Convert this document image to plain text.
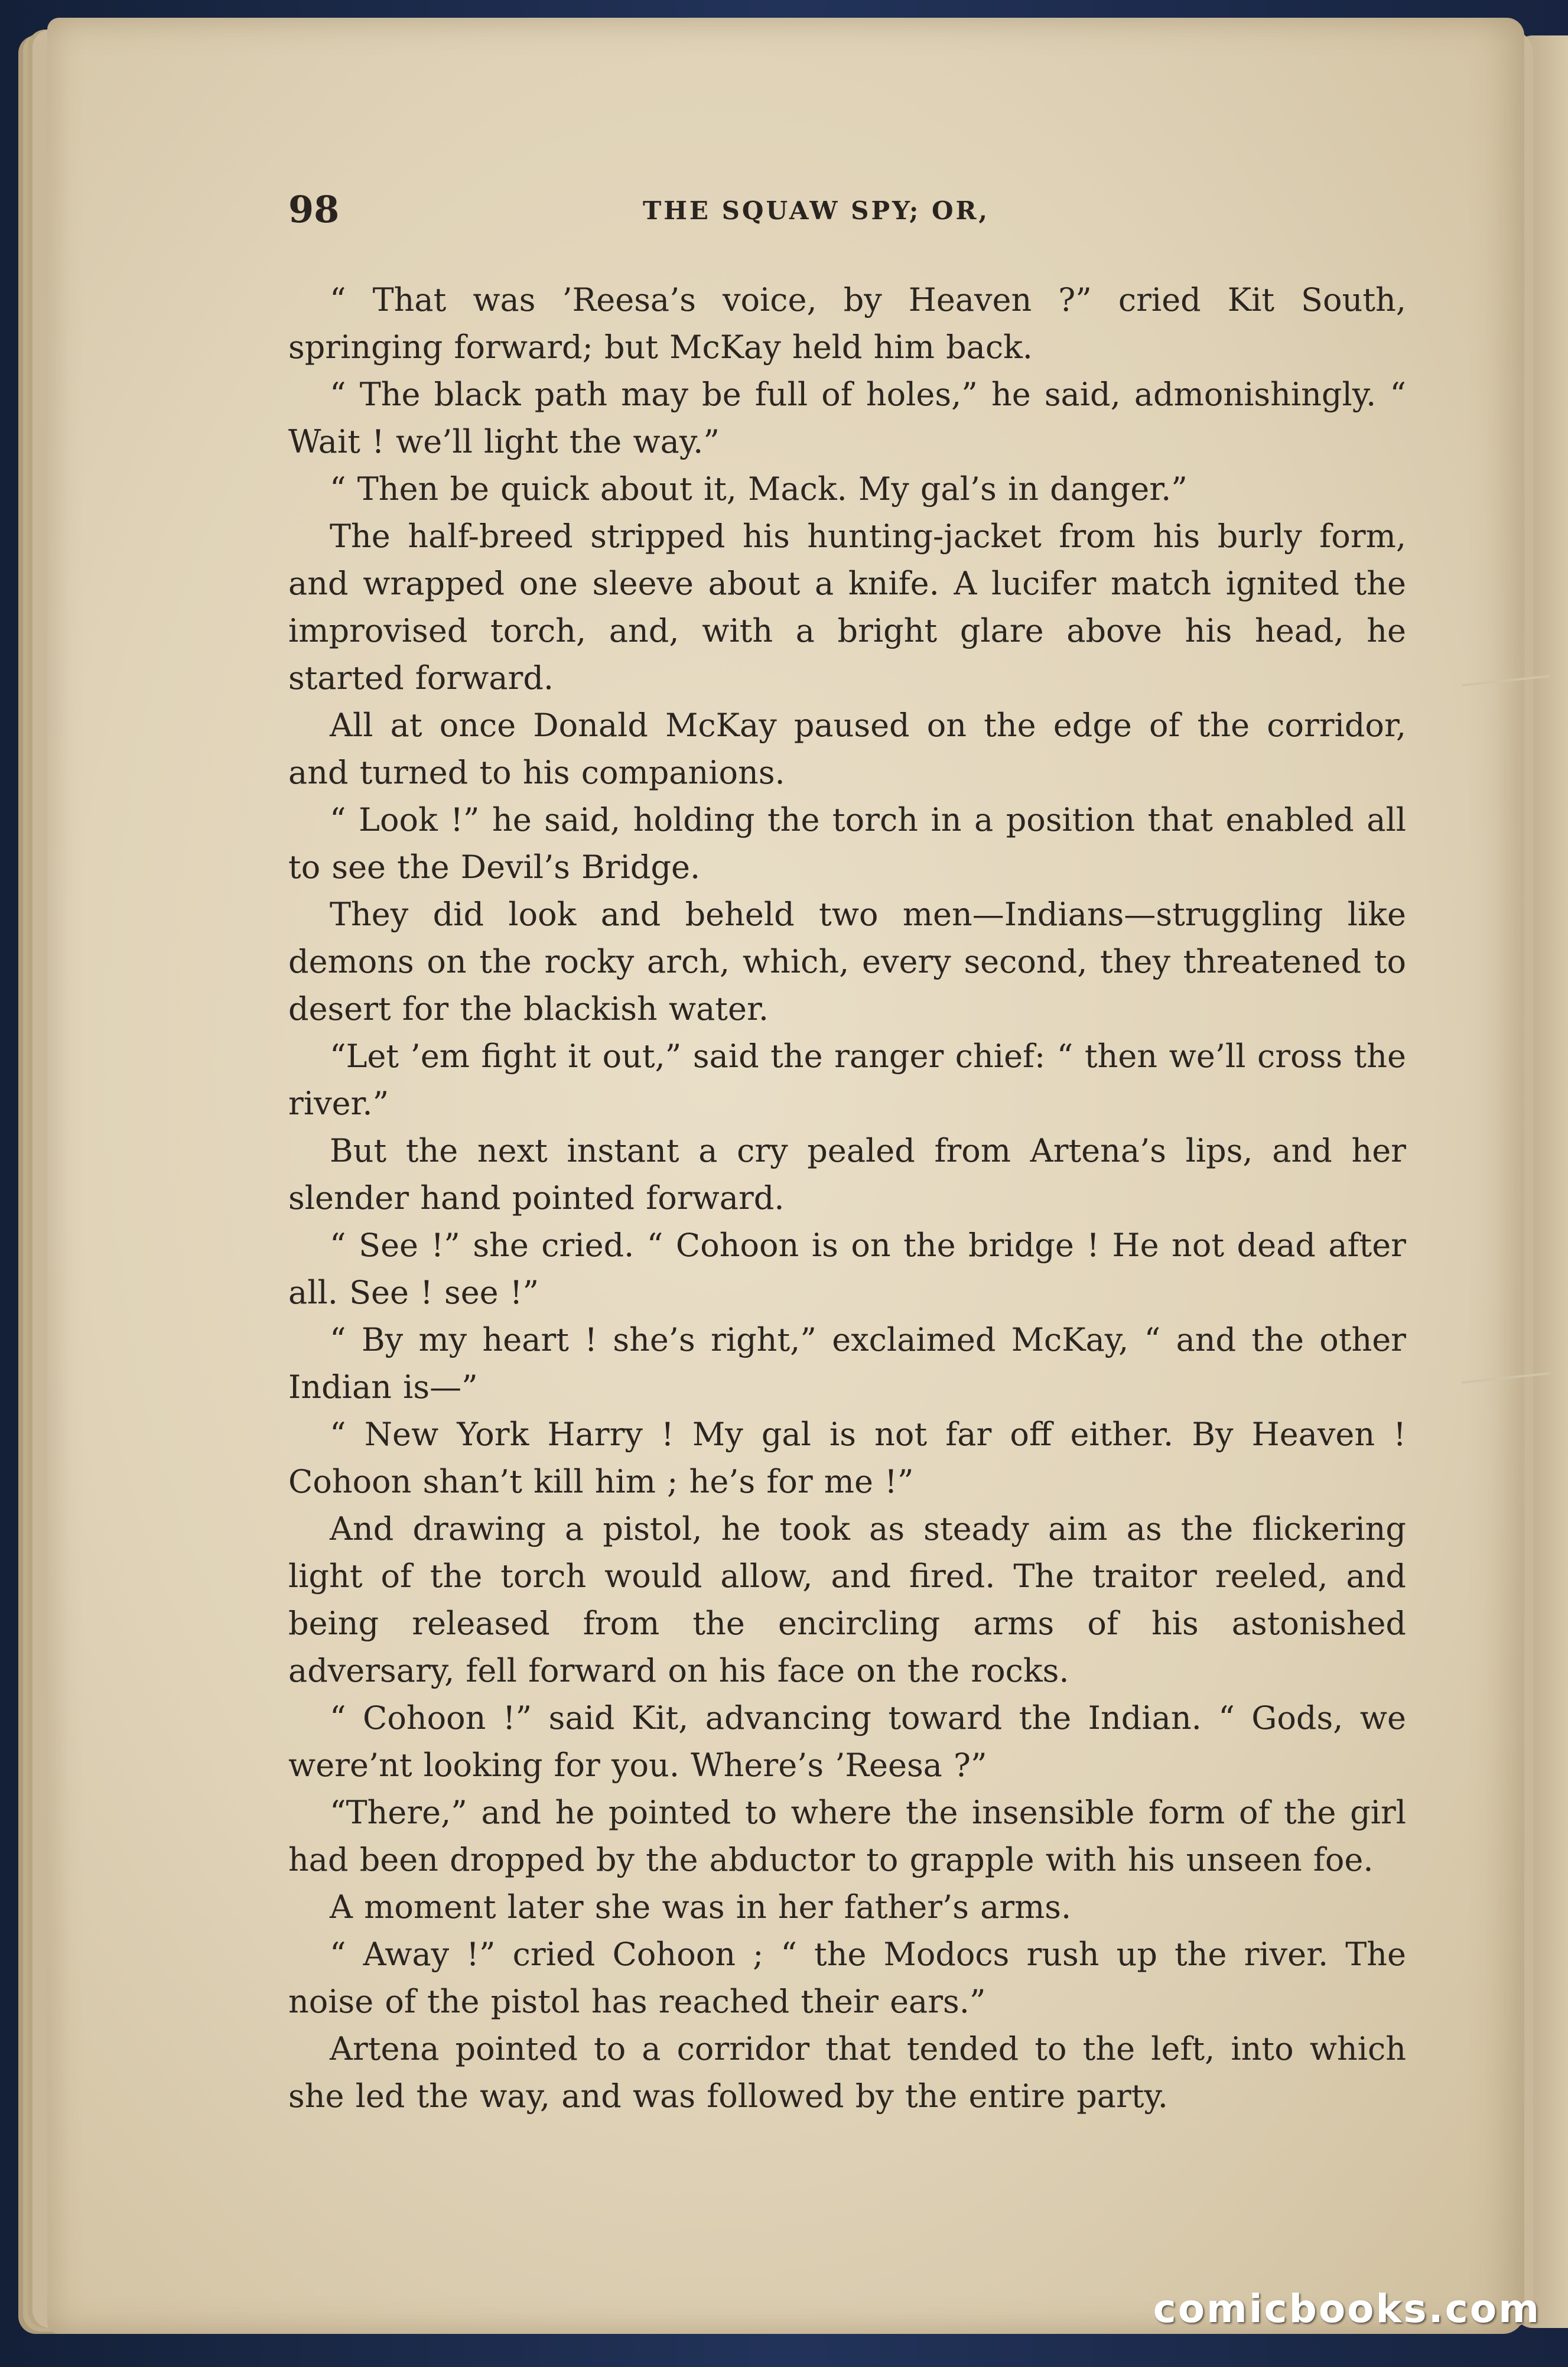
98	THE SQUAW SPY; OR,

“ That was ’Reesa’s voice, by Heaven ?” cried Kit South, springing forward; but McKay held him back.

“ The black path may be full of holes,” he said, admonishingly. “ Wait ! we’ll light the way.”

“ Then be quick about it, Mack. My gal’s in danger.”

The half-breed stripped his hunting-jacket from his burly form, and wrapped one sleeve about a knife. A lucifer match ignited the improvised torch, and, with a bright glare above his head, he started forward.

All at once Donald McKay paused on the edge of the corridor, and turned to his companions.

“ Look !” he said, holding the torch in a position that enabled all to see the Devil’s Bridge.

They did look and beheld two men—Indians—struggling like demons on the rocky arch, which, every second, they threatened to desert for the blackish water.

“Let ’em fight it out,” said the ranger chief: “ then we’ll cross the river.”

But the next instant a cry pealed from Artena’s lips, and her slender hand pointed forward.

“ See !” she cried. “ Cohoon is on the bridge ! He not dead after all. See ! see !”

“ By my heart ! she’s right,” exclaimed McKay, “ and the other Indian is—”

“ New York Harry ! My gal is not far off either. By Heaven ! Cohoon shan’t kill him ; he’s for me !”

And drawing a pistol, he took as steady aim as the flickering light of the torch would allow, and fired. The traitor reeled, and being released from the encircling arms of his astonished adversary, fell forward on his face on the rocks.

“ Cohoon !” said Kit, advancing toward the Indian. “ Gods, we were’nt looking for you. Where’s ’Reesa ?”

“There,” and he pointed to where the insensible form of the girl had been dropped by the abductor to grapple with his unseen foe.

A moment later she was in her father’s arms.

“ Away !” cried Cohoon ; “ the Modocs rush up the river. The noise of the pistol has reached their ears.”

Artena pointed to a corridor that tended to the left, into which she led the way, and was followed by the entire party.

comicbooks.com
